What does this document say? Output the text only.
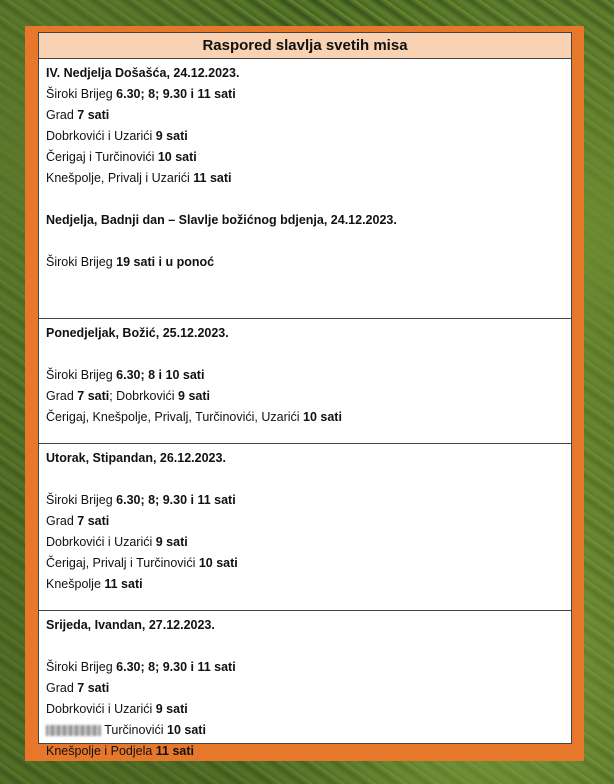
Raspored slavlja svetih misa
IV. Nedjelja Došašća, 24.12.2023.
Široki Brijeg 6.30; 8; 9.30 i 11 sati
Grad 7 sati
Dobrkovići i Uzarići 9 sati
Čerigaj i Turčinovići 10 sati
Knešpolje, Privalj i Uzarići 11 sati
Nedjelja, Badnji dan – Slavlje božićnog bdjenja, 24.12.2023.
Široki Brijeg 19 sati i u ponoć
Ponedjeljak, Božić, 25.12.2023.
Široki Brijeg 6.30; 8 i 10 sati
Grad 7 sati; Dobrkovići 9 sati
Čerigaj, Knešpolje, Privalj, Turčinovići, Uzarići 10 sati
Utorak, Stipandan, 26.12.2023.
Široki Brijeg 6.30; 8; 9.30 i 11 sati
Grad 7 sati
Dobrkovići i Uzarići 9 sati
Čerigaj, Privalj i Turčinovići 10 sati
Knešpolje 11 sati
Srijeda, Ivandan, 27.12.2023.
Široki Brijeg 6.30; 8; 9.30 i 11 sati
Grad 7 sati
Dobrkovići i Uzarići 9 sati
Turčinovići 10 sati
Knešpolje i Podjela 11 sati
